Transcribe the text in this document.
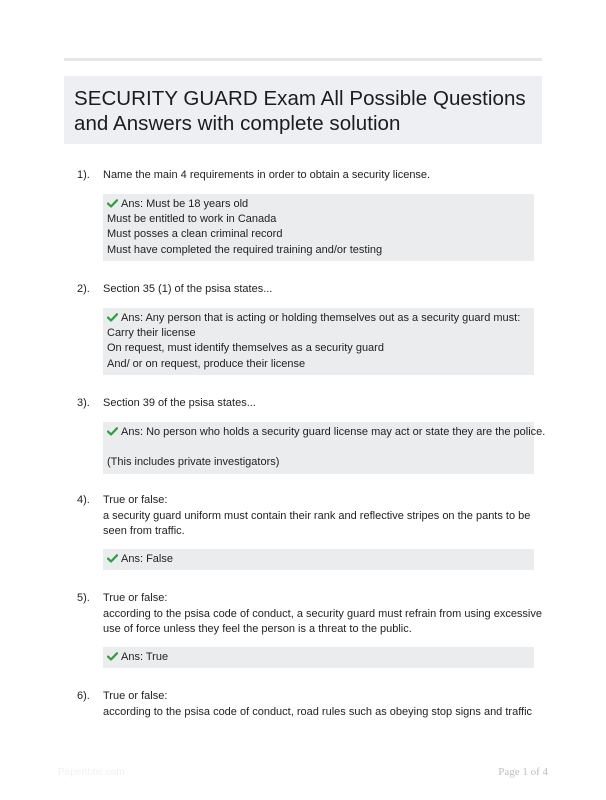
SECURITY GUARD Exam All Possible Questions
and Answers with complete solution
1). Name the main 4 requirements in order to obtain a security license.
Ans: Must be 18 years old
Must be entitled to work in Canada
Must posses a clean criminal record
Must have completed the required training and/or testing
2). Section 35 (1) of the psisa states...
Ans: Any person that is acting or holding themselves out as a security guard must:
Carry their license
On request, must identify themselves as a security guard
And/ or on request, produce their license
3). Section 39 of the psisa states...
Ans: No person who holds a security guard license may act or state they are the police.
(This includes private investigators)
4). True or false:
a security guard uniform must contain their rank and reflective stripes on the pants to be
seen from traffic.
Ans: False
5). True or false:
according to the psisa code of conduct, a security guard must refrain from using excessive
use of force unless they feel the person is a threat to the public.
Ans: True
6). True or false:
according to the psisa code of conduct, road rules such as obeying stop signs and traffic
Papertbtic.com	Page 1 of 4
